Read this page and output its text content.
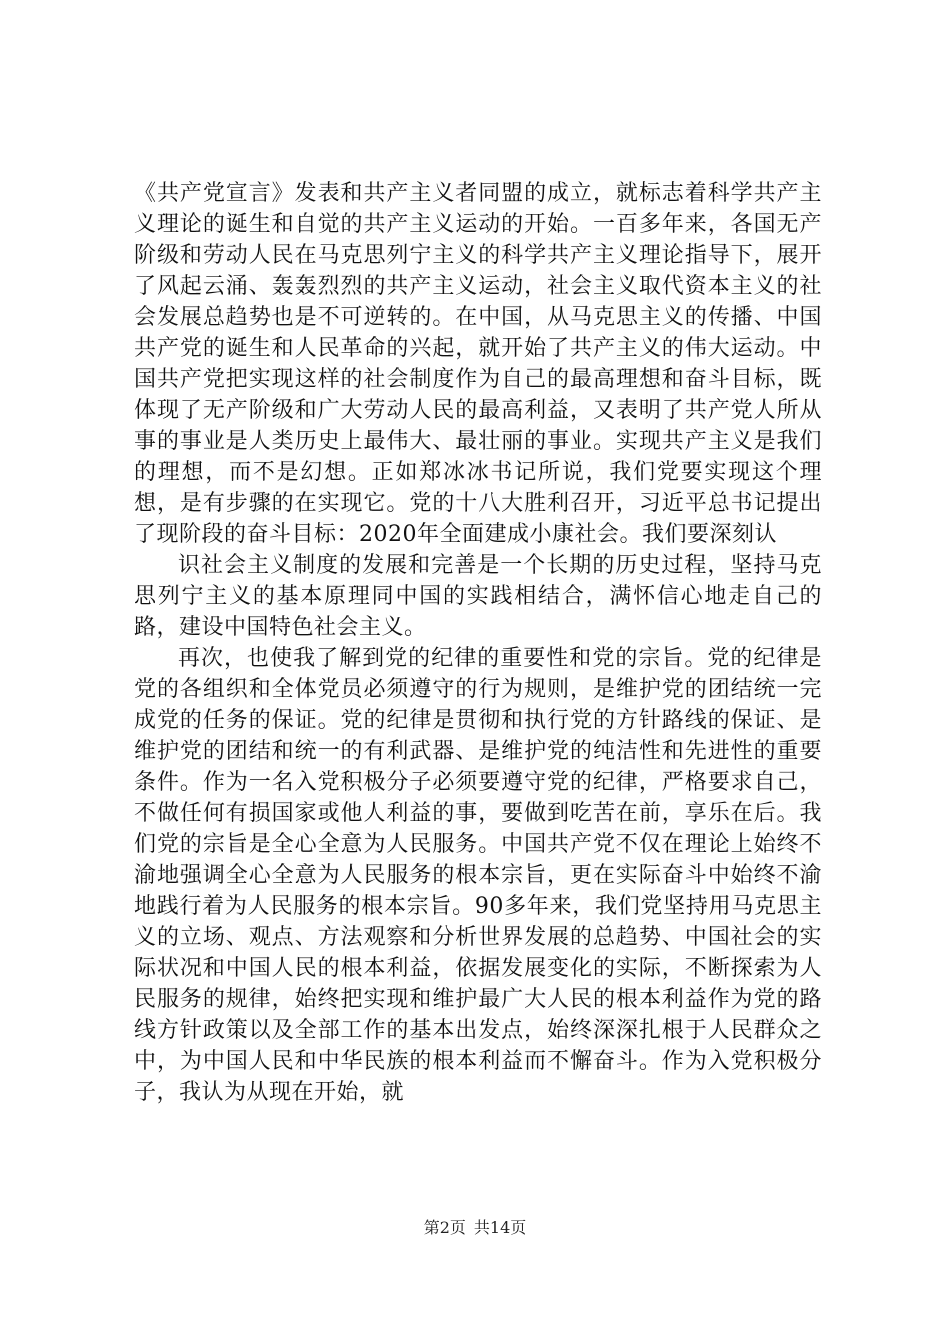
《共产党宣言》发表和共产主义者同盟的成立，就标志着科学共产主义理论的诞生和自觉的共产主义运动的开始。一百多年来，各国无产阶级和劳动人民在马克思列宁主义的科学共产主义理论指导下，展开了风起云涌、轰轰烈烈的共产主义运动，社会主义取代资本主义的社会发展总趋势也是不可逆转的。在中国，从马克思主义的传播、中国共产党的诞生和人民革命的兴起，就开始了共产主义的伟大运动。中国共产党把实现这样的社会制度作为自己的最高理想和奋斗目标，既体现了无产阶级和广大劳动人民的最高利益，又表明了共产党人所从事的事业是人类历史上最伟大、最壮丽的事业。实现共产主义是我们的理想，而不是幻想。正如郑冰冰书记所说，我们党要实现这个理想，是有步骤的在实现它。党的十八大胜利召开，习近平总书记提出了现阶段的奋斗目标：2020年全面建成小康社会。我们要深刻认

识社会主义制度的发展和完善是一个长期的历史过程，坚持马克思列宁主义的基本原理同中国的实践相结合，满怀信心地走自己的路，建设中国特色社会主义。

再次，也使我了解到党的纪律的重要性和党的宗旨。党的纪律是党的各组织和全体党员必须遵守的行为规则，是维护党的团结统一完成党的任务的保证。党的纪律是贯彻和执行党的方针路线的保证、是维护党的团结和统一的有利武器、是维护党的纯洁性和先进性的重要条件。作为一名入党积极分子必须要遵守党的纪律，严格要求自己，不做任何有损国家或他人利益的事，要做到吃苦在前，享乐在后。我们党的宗旨是全心全意为人民服务。中国共产党不仅在理论上始终不渝地强调全心全意为人民服务的根本宗旨，更在实际奋斗中始终不渝地践行着为人民服务的根本宗旨。90多年来，我们党坚持用马克思主义的立场、观点、方法观察和分析世界发展的总趋势、中国社会的实际状况和中国人民的根本利益，依据发展变化的实际，不断探索为人民服务的规律，始终把实现和维护最广大人民的根本利益作为党的路线方针政策以及全部工作的基本出发点，始终深深扎根于人民群众之中，为中国人民和中华民族的根本利益而不懈奋斗。作为入党积极分子，我认为从现在开始，就

第2页 共14页
